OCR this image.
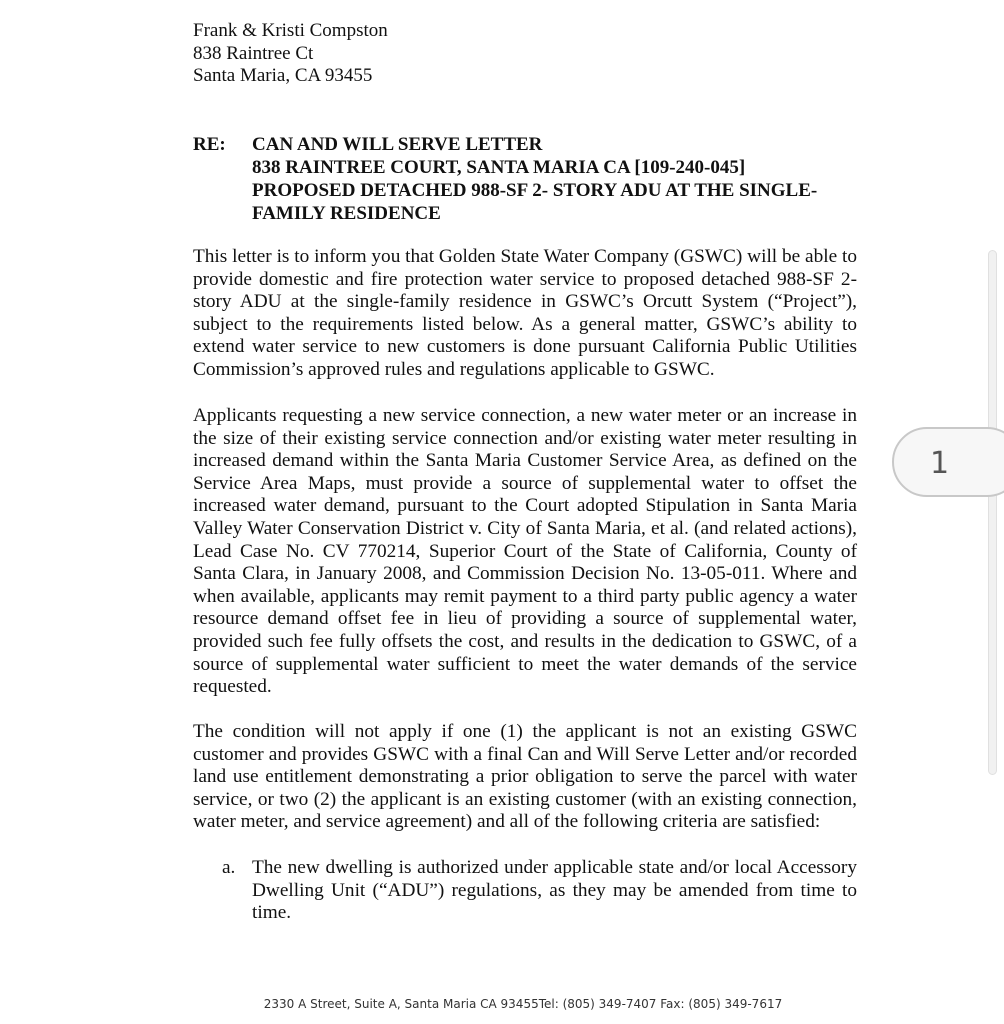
Frank & Kristi Compston
838 Raintree Ct
Santa Maria, CA 93455
RE: CAN AND WILL SERVE LETTER
838 RAINTREE COURT, SANTA MARIA CA [109-240-045]
PROPOSED DETACHED 988-SF 2- STORY ADU AT THE SINGLE-
FAMILY RESIDENCE

This letter is to inform you that Golden State Water Company (GSWC) will be able to provide domestic and fire protection water service to proposed detached 988-SF 2-story ADU at the single-family residence in GSWC’s Orcutt System (“Project”), subject to the requirements listed below. As a general matter, GSWC’s ability to extend water service to new customers is done pursuant California Public Utilities Commission’s approved rules and regulations applicable to GSWC.

Applicants requesting a new service connection, a new water meter or an increase in the size of their existing service connection and/or existing water meter resulting in increased demand within the Santa Maria Customer Service Area, as defined on the Service Area Maps, must provide a source of supplemental water to offset the increased water demand, pursuant to the Court adopted Stipulation in Santa Maria Valley Water Conservation District v. City of Santa Maria, et al. (and related actions), Lead Case No. CV 770214, Superior Court of the State of California, County of Santa Clara, in January 2008, and Commission Decision No. 13-05-011. Where and when available, applicants may remit payment to a third party public agency a water resource demand offset fee in lieu of providing a source of supplemental water, provided such fee fully offsets the cost, and results in the dedication to GSWC, of a source of supplemental water sufficient to meet the water demands of the service requested.

The condition will not apply if one (1) the applicant is not an existing GSWC customer and provides GSWC with a final Can and Will Serve Letter and/or recorded land use entitlement demonstrating a prior obligation to serve the parcel with water service, or two (2) the applicant is an existing customer (with an existing connection, water meter, and service agreement) and all of the following criteria are satisfied:

a. The new dwelling is authorized under applicable state and/or local Accessory Dwelling Unit (“ADU”) regulations, as they may be amended from time to time.

2330 A Street, Suite A, Santa Maria CA 93455Tel: (805) 349-7407 Fax: (805) 349-7617
1
